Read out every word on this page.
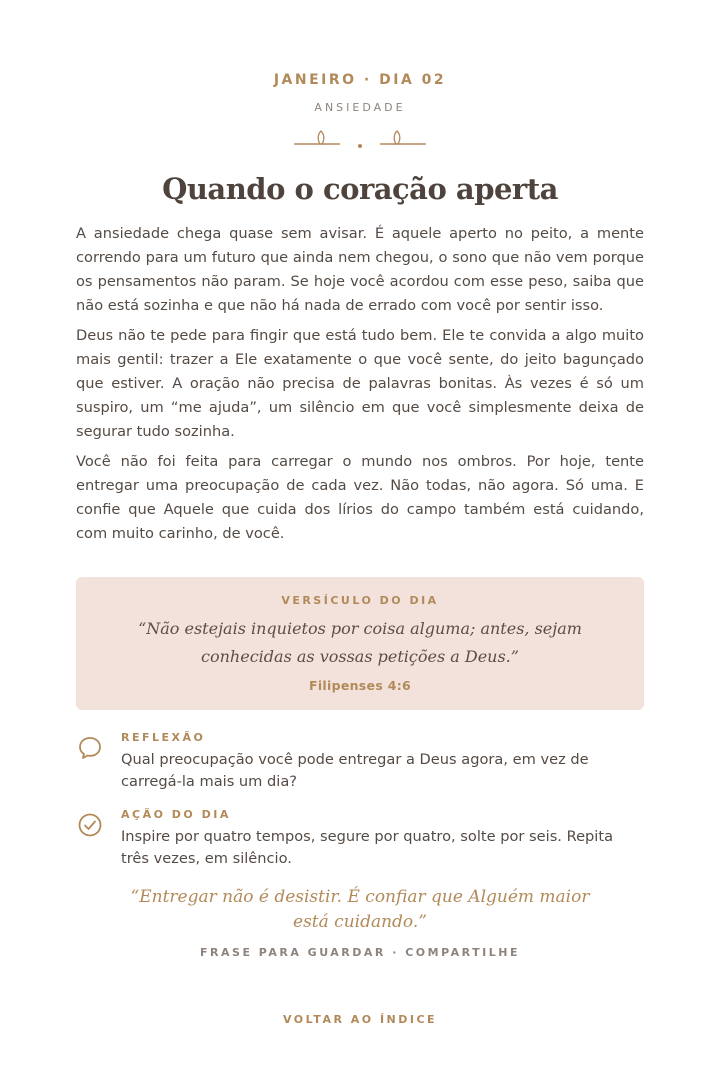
JANEIRO · DIA 02
ANSIEDADE
Quando o coração aperta

A ansiedade chega quase sem avisar. É aquele aperto no peito, a mente correndo para um futuro que ainda nem chegou, o sono que não vem porque os pensamentos não param. Se hoje você acordou com esse peso, saiba que não está sozinha e que não há nada de errado com você por sentir isso.

Deus não te pede para fingir que está tudo bem. Ele te convida a algo muito mais gentil: trazer a Ele exatamente o que você sente, do jeito bagunçado que estiver. A oração não precisa de palavras bonitas. Às vezes é só um suspiro, um “me ajuda”, um silêncio em que você simplesmente deixa de segurar tudo sozinha.

Você não foi feita para carregar o mundo nos ombros. Por hoje, tente entregar uma preocupação de cada vez. Não todas, não agora. Só uma. E confie que Aquele que cuida dos lírios do campo também está cuidando, com muito carinho, de você.

VERSÍCULO DO DIA
“Não estejais inquietos por coisa alguma; antes, sejam conhecidas as vossas petições a Deus.”
Filipenses 4:6
REFLEXÃO
Qual preocupação você pode entregar a Deus agora, em vez de carregá-la mais um dia?
AÇÃO DO DIA
Inspire por quatro tempos, segure por quatro, solte por seis. Repita três vezes, em silêncio.
“Entregar não é desistir. É confiar que Alguém maior está cuidando.”
FRASE PARA GUARDAR · COMPARTILHE
VOLTAR AO ÍNDICE
